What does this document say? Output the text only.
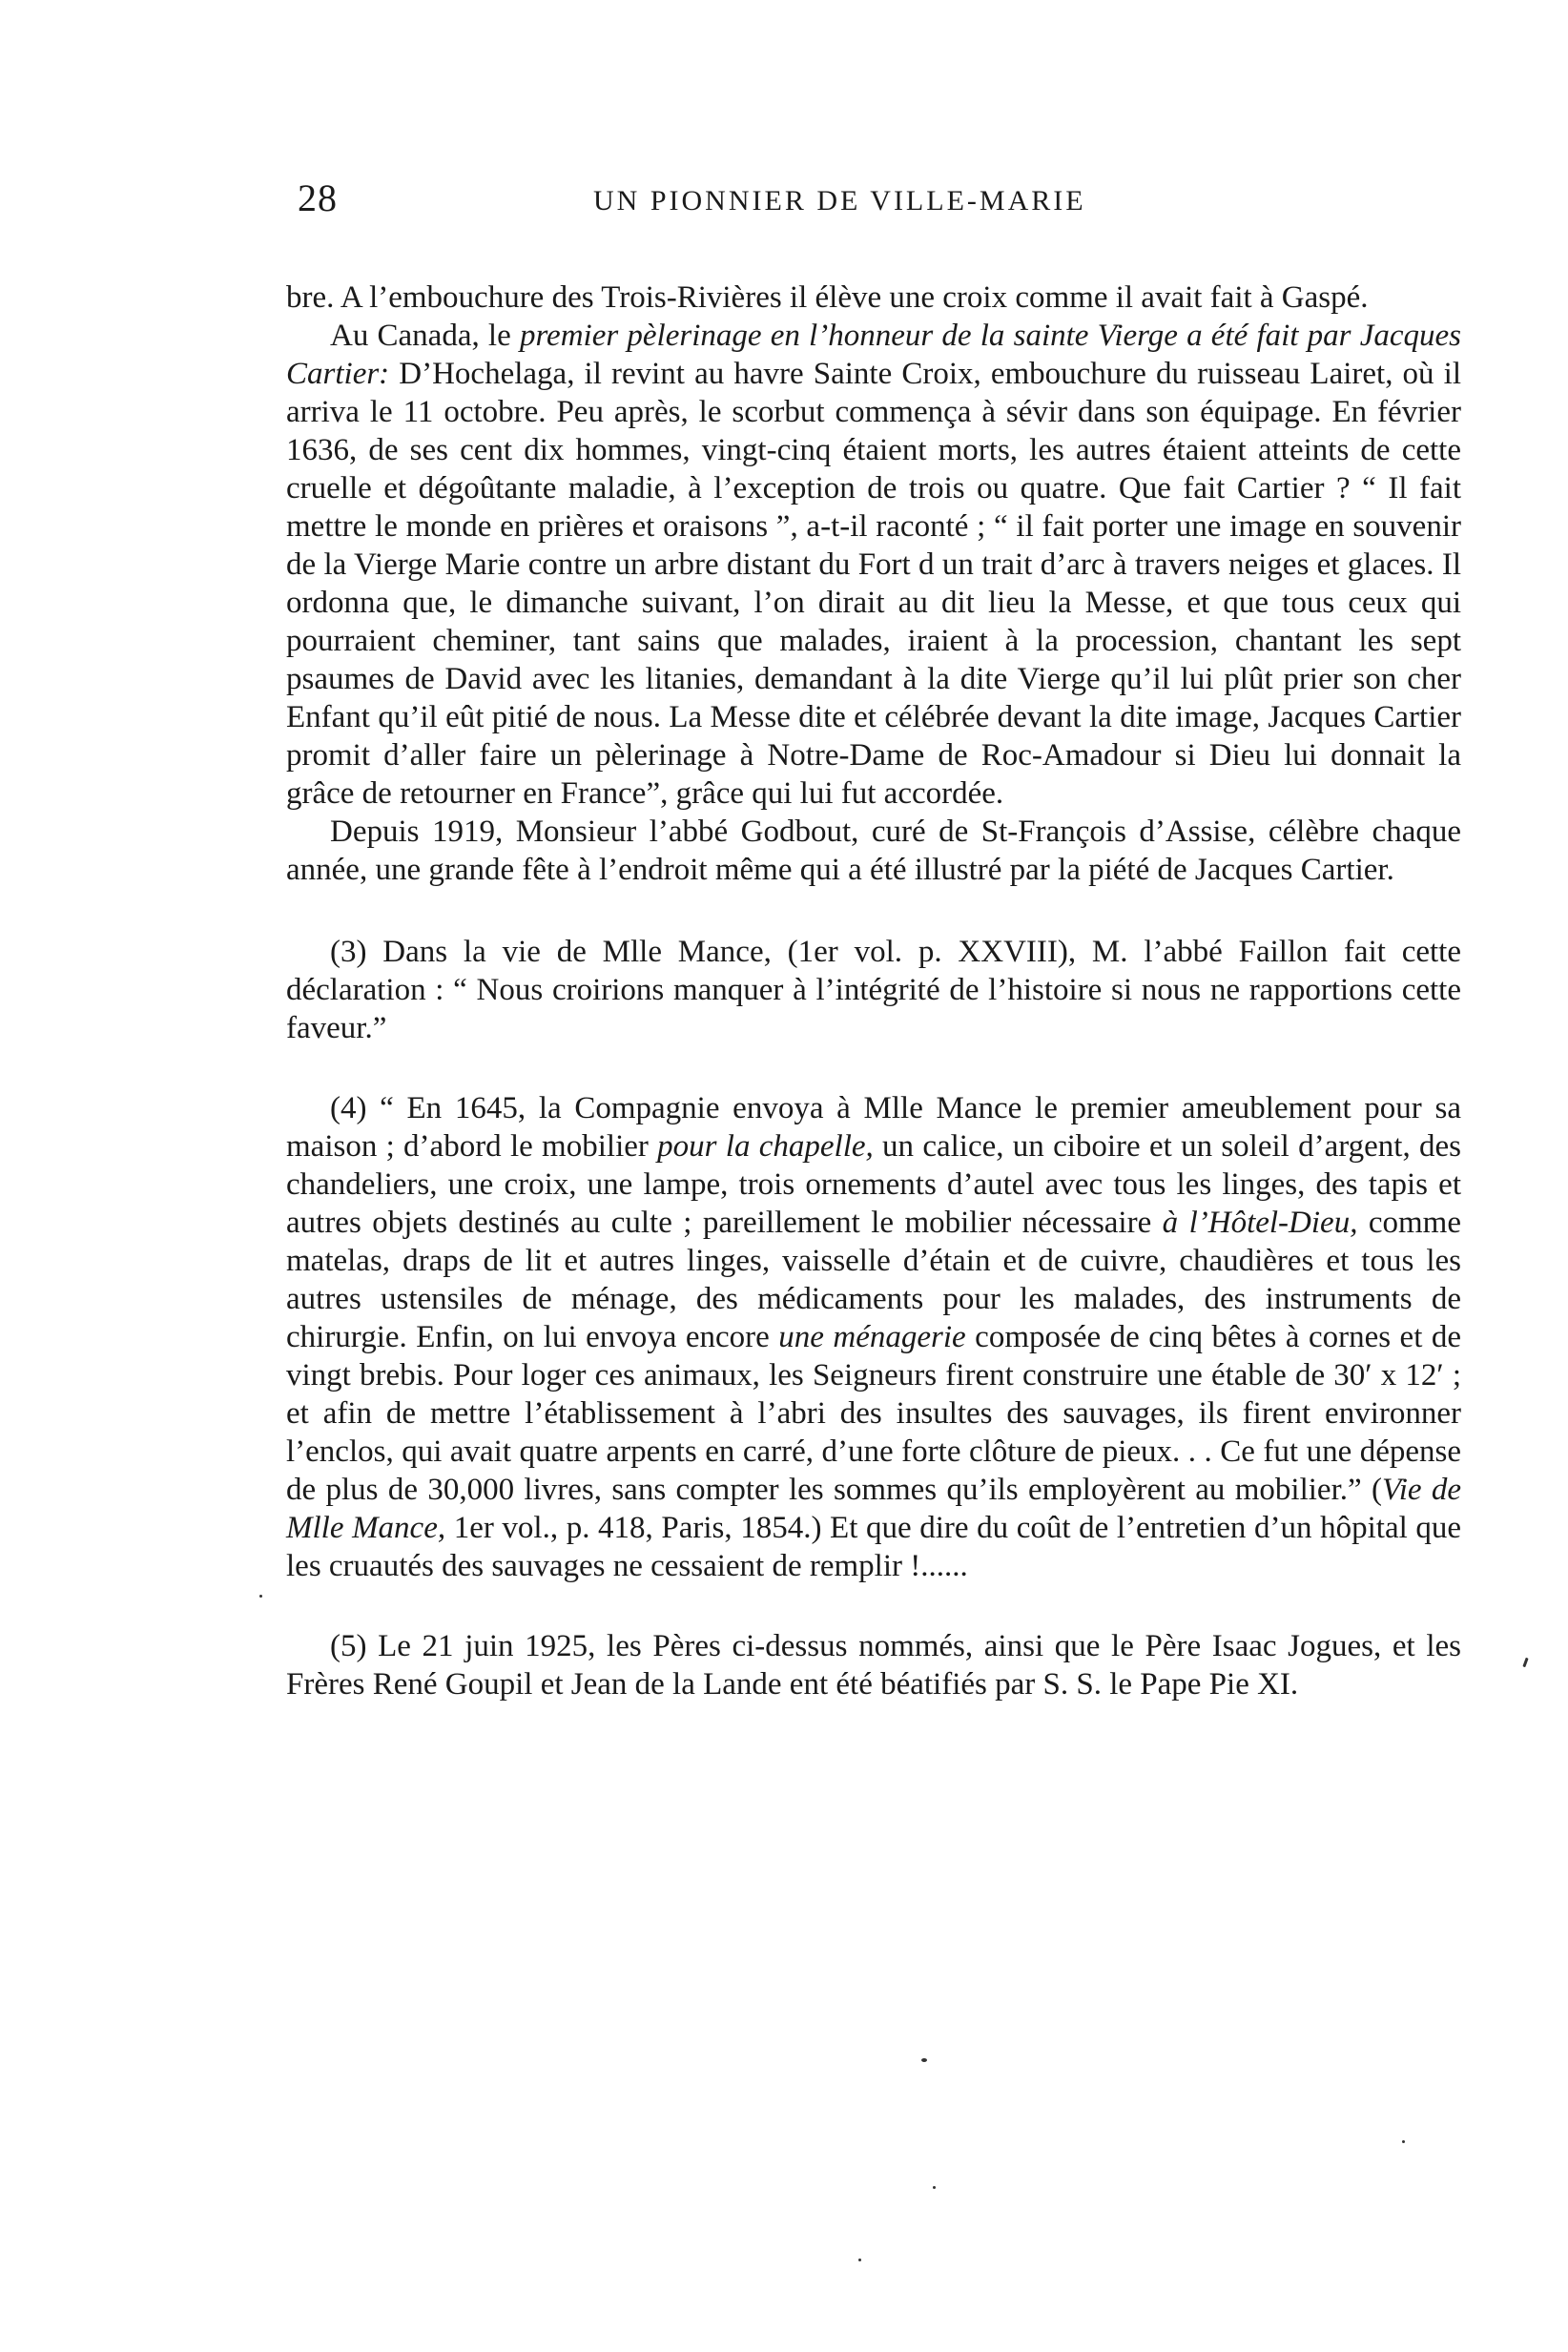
28	UN PIONNIER DE VILLE-MARIE

bre. A l’embouchure des Trois-Rivières il élève une croix comme il avait fait à Gaspé.

Au Canada, le premier pèlerinage en l’honneur de la sainte Vierge a été fait par Jacques Cartier: D’Hochelaga, il revint au havre Sainte Croix, embouchure du ruisseau Lairet, où il arriva le 11 octobre. Peu après, le scorbut commença à sévir dans son équipage. En février 1636, de ses cent dix hommes, vingt-cinq étaient morts, les autres étaient atteints de cette cruelle et dégoûtante maladie, à l’exception de trois ou quatre. Que fait Cartier ? “ Il fait mettre le monde en prières et oraisons ”, a-t-il raconté ; “ il fait porter une image en souvenir de la Vierge Marie contre un arbre distant du Fort d un trait d’arc à travers neiges et glaces. Il ordonna que, le dimanche suivant, l’on dirait au dit lieu la Messe, et que tous ceux qui pourraient cheminer, tant sains que malades, iraient à la procession, chantant les sept psaumes de David avec les litanies, demandant à la dite Vierge qu’il lui plût prier son cher Enfant qu’il eût pitié de nous. La Messe dite et célébrée devant la dite image, Jacques Cartier promit d’aller faire un pèlerinage à Notre-Dame de Roc-Amadour si Dieu lui donnait la grâce de retourner en France”, grâce qui lui fut accordée.

Depuis 1919, Monsieur l’abbé Godbout, curé de St-François d’Assise, célèbre chaque année, une grande fête à l’endroit même qui a été illustré par la piété de Jacques Cartier.

(3) Dans la vie de Mlle Mance, (1er vol. p. XXVIII), M. l’abbé Faillon fait cette déclaration : “ Nous croirions manquer à l’intégrité de l’histoire si nous ne rapportions cette faveur.”

(4) “ En 1645, la Compagnie envoya à Mlle Mance le premier ameublement pour sa maison ; d’abord le mobilier pour la chapelle, un calice, un ciboire et un soleil d’argent, des chandeliers, une croix, une lampe, trois ornements d’autel avec tous les linges, des tapis et autres objets destinés au culte ; pareillement le mobilier nécessaire à l’Hôtel-Dieu, comme matelas, draps de lit et autres linges, vaisselle d’étain et de cuivre, chaudières et tous les autres ustensiles de ménage, des médicaments pour les malades, des instruments de chirurgie. Enfin, on lui envoya encore une ménagerie composée de cinq bêtes à cornes et de vingt brebis. Pour loger ces animaux, les Seigneurs firent construire une étable de 30′ x 12′ ; et afin de mettre l’établissement à l’abri des insultes des sauvages, ils firent environner l’enclos, qui avait quatre arpents en carré, d’une forte clôture de pieux. . . Ce fut une dépense de plus de 30,000 livres, sans compter les sommes qu’ils employèrent au mobilier.” (Vie de Mlle Mance, 1er vol., p. 418, Paris, 1854.) Et que dire du coût de l’entretien d’un hôpital que les cruautés des sauvages ne cessaient de remplir !......

(5) Le 21 juin 1925, les Pères ci-dessus nommés, ainsi que le Père Isaac Jogues, et les Frères René Goupil et Jean de la Lande ent été béatifiés par S. S. le Pape Pie XI.
